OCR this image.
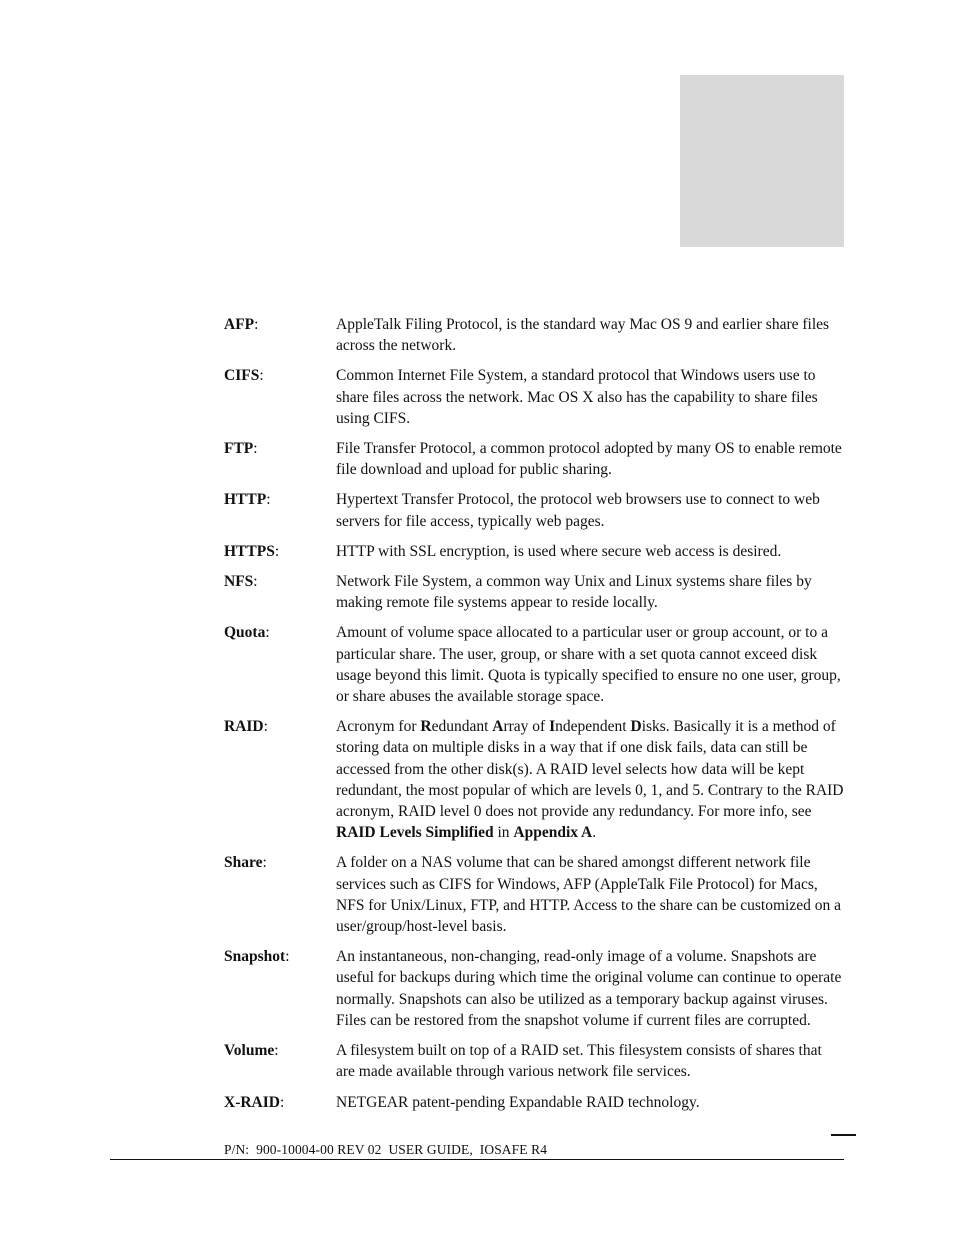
AFP:	AppleTalk Filing Protocol, is the standard way Mac OS 9 and earlier share files across the network.
CIFS:	Common Internet File System, a standard protocol that Windows users use to share files across the network. Mac OS X also has the capability to share files using CIFS.
FTP:	File Transfer Protocol, a common protocol adopted by many OS to enable remote file download and upload for public sharing.
HTTP:	Hypertext Transfer Protocol, the protocol web browsers use to connect to web servers for file access, typically web pages.
HTTPS:	HTTP with SSL encryption, is used where secure web access is desired.
NFS:	Network File System, a common way Unix and Linux systems share files by making remote file systems appear to reside locally.
Quota:	Amount of volume space allocated to a particular user or group account, or to a particular share. The user, group, or share with a set quota cannot exceed disk usage beyond this limit. Quota is typically specified to ensure no one user, group, or share abuses the available storage space.
RAID:	Acronym for Redundant Array of Independent Disks. Basically it is a method of storing data on multiple disks in a way that if one disk fails, data can still be accessed from the other disk(s). A RAID level selects how data will be kept redundant, the most popular of which are levels 0, 1, and 5. Contrary to the RAID acronym, RAID level 0 does not provide any redundancy. For more info, see RAID Levels Simplified in Appendix A.
Share:	A folder on a NAS volume that can be shared amongst different network file services such as CIFS for Windows, AFP (AppleTalk File Protocol) for Macs, NFS for Unix/Linux, FTP, and HTTP. Access to the share can be customized on a user/group/host-level basis.
Snapshot:	An instantaneous, non-changing, read-only image of a volume. Snapshots are useful for backups during which time the original volume can continue to operate normally. Snapshots can also be utilized as a temporary backup against viruses. Files can be restored from the snapshot volume if current files are corrupted.
Volume:	A filesystem built on top of a RAID set. This filesystem consists of shares that are made available through various network file services.
X-RAID:	NETGEAR patent-pending Expandable RAID technology.
P/N:  900-10004-00 REV 02  USER GUIDE,  IOSAFE R4
